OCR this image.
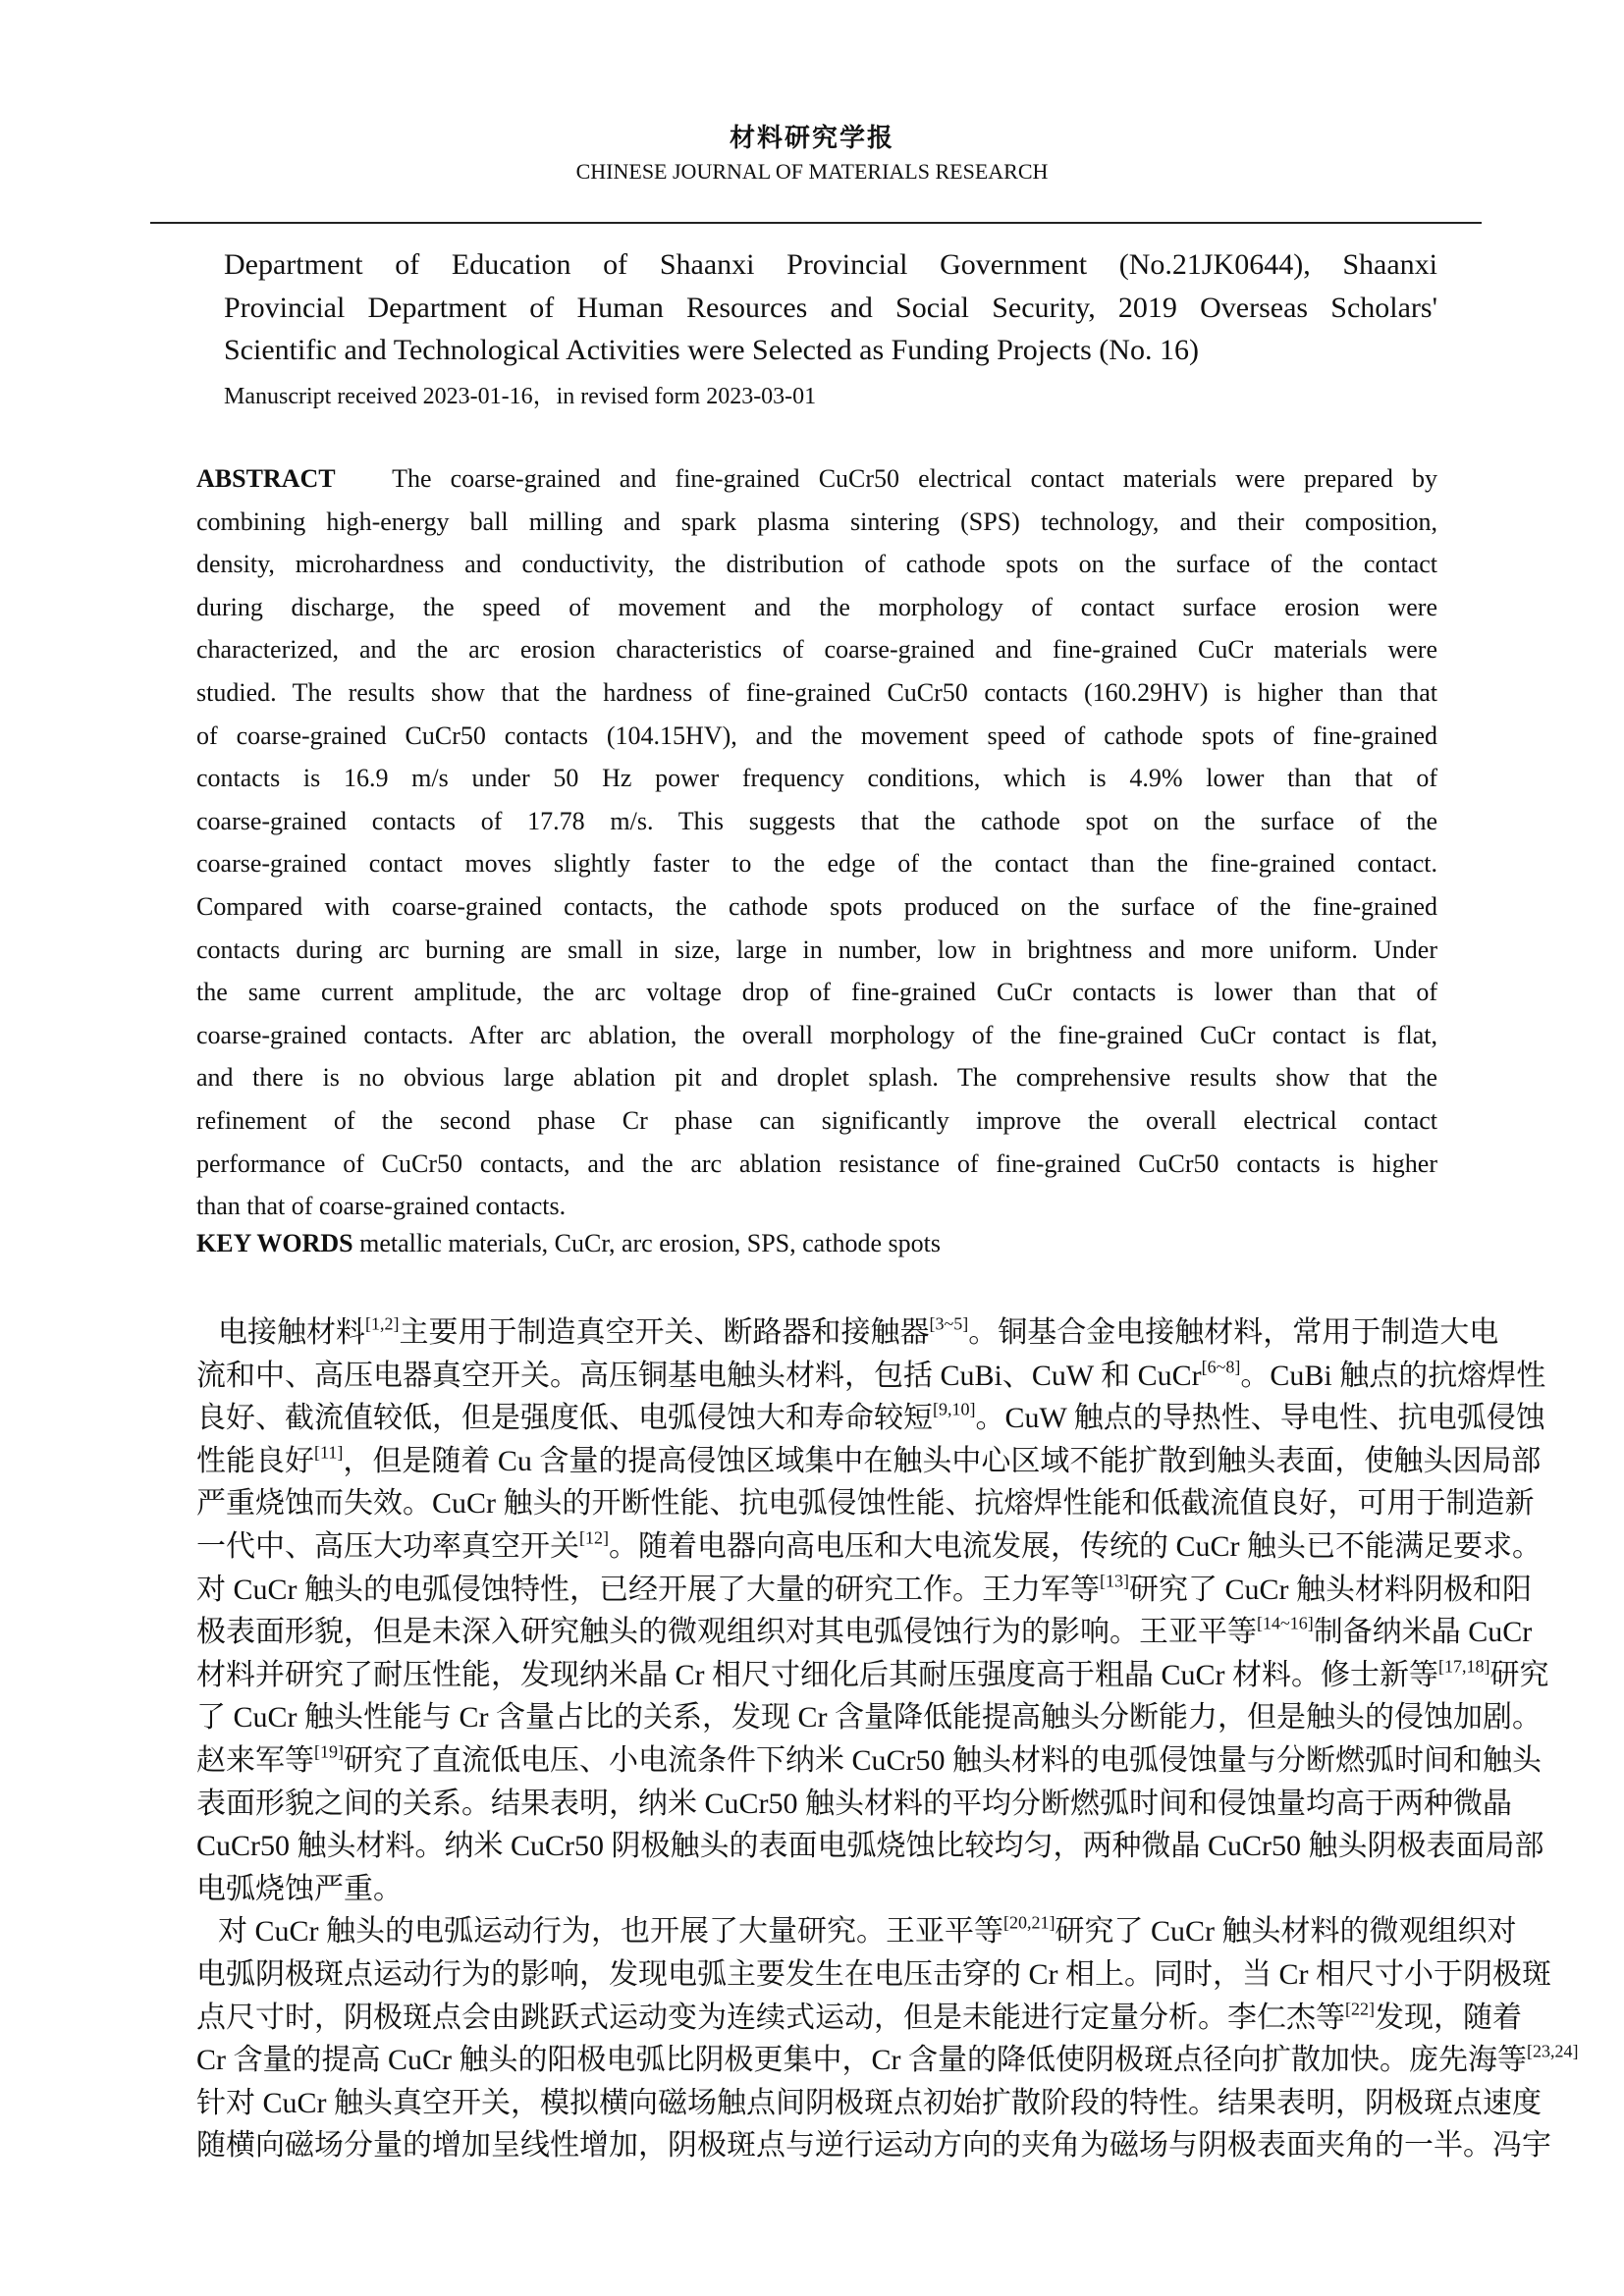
材料研究学报
CHINESE JOURNAL OF MATERIALS RESEARCH
Department of Education of Shaanxi Provincial Government (No.21JK0644), Shaanxi
Provincial Department of Human Resources and Social Security, 2019 Overseas Scholars'
Scientific and Technological Activities were Selected as Funding Projects (No. 16)
Manuscript received 2023-01-16，in revised form 2023-03-01
ABSTRACT The coarse-grained and fine-grained CuCr50 electrical contact materials were prepared by
combining high-energy ball milling and spark plasma sintering (SPS) technology, and their composition,
density, microhardness and conductivity, the distribution of cathode spots on the surface of the contact
during discharge, the speed of movement and the morphology of contact surface erosion were
characterized, and the arc erosion characteristics of coarse-grained and fine-grained CuCr materials were
studied. The results show that the hardness of fine-grained CuCr50 contacts (160.29HV) is higher than that
of coarse-grained CuCr50 contacts (104.15HV), and the movement speed of cathode spots of fine-grained
contacts is 16.9 m/s under 50 Hz power frequency conditions, which is 4.9% lower than that of
coarse-grained contacts of 17.78 m/s. This suggests that the cathode spot on the surface of the
coarse-grained contact moves slightly faster to the edge of the contact than the fine-grained contact.
Compared with coarse-grained contacts, the cathode spots produced on the surface of the fine-grained
contacts during arc burning are small in size, large in number, low in brightness and more uniform. Under
the same current amplitude, the arc voltage drop of fine-grained CuCr contacts is lower than that of
coarse-grained contacts. After arc ablation, the overall morphology of the fine-grained CuCr contact is flat,
and there is no obvious large ablation pit and droplet splash. The comprehensive results show that the
refinement of the second phase Cr phase can significantly improve the overall electrical contact
performance of CuCr50 contacts, and the arc ablation resistance of fine-grained CuCr50 contacts is higher
than that of coarse-grained contacts.
KEY WORDS metallic materials, CuCr, arc erosion, SPS, cathode spots
电接触材料[1,2]主要用于制造真空开关、断路器和接触器[3~5]。铜基合金电接触材料，常用于制造大电
流和中、高压电器真空开关。高压铜基电触头材料，包括 CuBi、CuW 和 CuCr[6~8]。CuBi 触点的抗熔焊性
良好、截流值较低，但是强度低、电弧侵蚀大和寿命较短[9,10]。CuW 触点的导热性、导电性、抗电弧侵蚀
性能良好[11]，但是随着 Cu 含量的提高侵蚀区域集中在触头中心区域不能扩散到触头表面，使触头因局部
严重烧蚀而失效。CuCr 触头的开断性能、抗电弧侵蚀性能、抗熔焊性能和低截流值良好，可用于制造新
一代中、高压大功率真空开关[12]。随着电器向高电压和大电流发展，传统的 CuCr 触头已不能满足要求。
对 CuCr 触头的电弧侵蚀特性，已经开展了大量的研究工作。王力军等[13]研究了 CuCr 触头材料阴极和阳
极表面形貌，但是未深入研究触头的微观组织对其电弧侵蚀行为的影响。王亚平等[14~16]制备纳米晶 CuCr
材料并研究了耐压性能，发现纳米晶 Cr 相尺寸细化后其耐压强度高于粗晶 CuCr 材料。修士新等[17,18]研究
了 CuCr 触头性能与 Cr 含量占比的关系，发现 Cr 含量降低能提高触头分断能力，但是触头的侵蚀加剧。
赵来军等[19]研究了直流低电压、小电流条件下纳米 CuCr50 触头材料的电弧侵蚀量与分断燃弧时间和触头
表面形貌之间的关系。结果表明，纳米 CuCr50 触头材料的平均分断燃弧时间和侵蚀量均高于两种微晶
CuCr50 触头材料。纳米 CuCr50 阴极触头的表面电弧烧蚀比较均匀，两种微晶 CuCr50 触头阴极表面局部
电弧烧蚀严重。
对 CuCr 触头的电弧运动行为，也开展了大量研究。王亚平等[20,21]研究了 CuCr 触头材料的微观组织对
电弧阴极斑点运动行为的影响，发现电弧主要发生在电压击穿的 Cr 相上。同时，当 Cr 相尺寸小于阴极斑
点尺寸时，阴极斑点会由跳跃式运动变为连续式运动，但是未能进行定量分析。李仁杰等[22]发现，随着
Cr 含量的提高 CuCr 触头的阳极电弧比阴极更集中，Cr 含量的降低使阴极斑点径向扩散加快。庞先海等[23,24]
针对 CuCr 触头真空开关，模拟横向磁场触点间阴极斑点初始扩散阶段的特性。结果表明，阴极斑点速度
随横向磁场分量的增加呈线性增加，阴极斑点与逆行运动方向的夹角为磁场与阴极表面夹角的一半。冯宇
